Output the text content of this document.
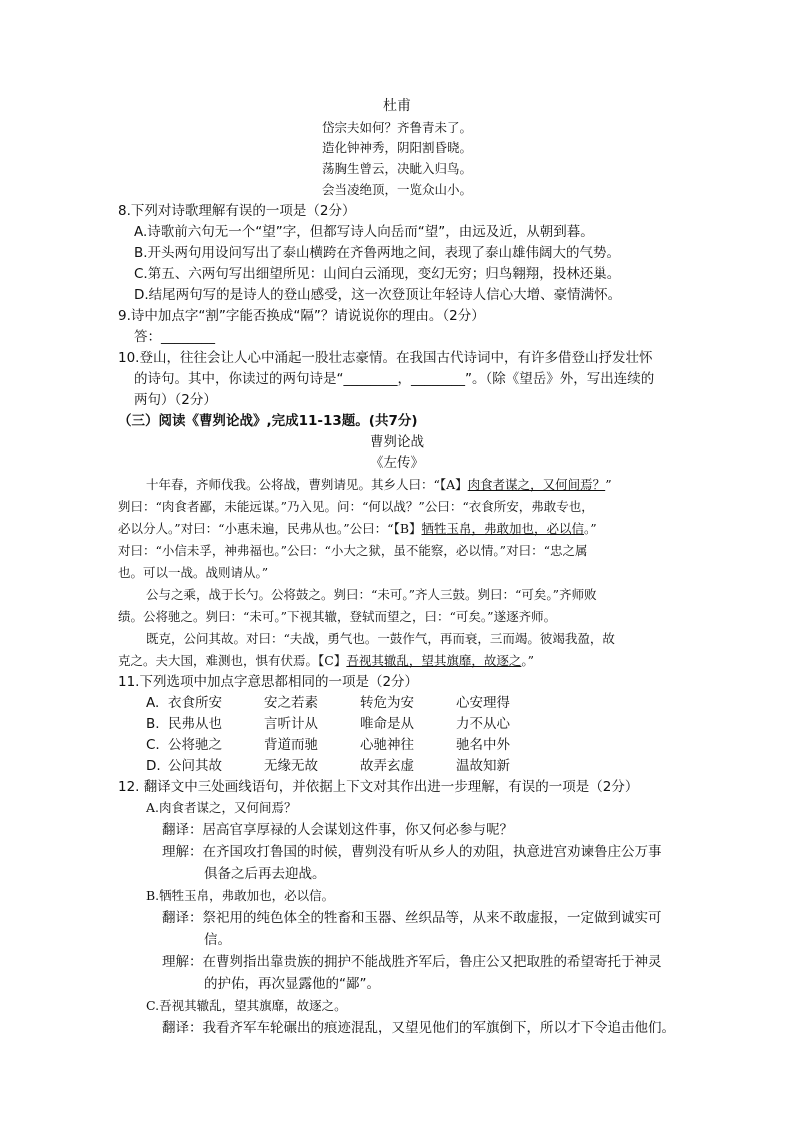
杜甫
岱宗夫如何？齐鲁青未了。
造化钟神秀，阴阳割昏晓。
荡胸生曾云，决眦入归鸟。
会当凌绝顶，一览众山小。
8.下列对诗歌理解有误的一项是（2分）
A.诗歌前六句无一个“望”字，但都写诗人向岳而“望”，由远及近，从朝到暮。
B.开头两句用设问写出了泰山横跨在齐鲁两地之间，表现了泰山雄伟阔大的气势。
C.第五、六两句写出细望所见：山间白云涌现，变幻无穷；归鸟翱翔，投林还巢。
D.结尾两句写的是诗人的登山感受，这一次登顶让年轻诗人信心大增、豪情满怀。
9.诗中加点字“割”字能否换成“隔”？请说说你的理由。（2分）
答：________
10.登山，往往会让人心中涌起一股壮志豪情。在我国古代诗词中，有许多借登山抒发壮怀
的诗句。其中，你读过的两句诗是“________，________”。（除《望岳》外，写出连续的
两句）（2分）
（三）阅读《曹刿论战》,完成11-13题。(共7分)
曹刿论战
《左传》
十年春，齐师伐我。公将战，曹刿请见。其乡人曰：“【A】肉食者谋之，又何间焉？”
刿曰：“肉食者鄙，未能远谋。”乃入见。问：“何以战？”公曰：“衣食所安，弗敢专也，
必以分人。”对曰：“小惠未遍，民弗从也。”公曰：“【B】牺牲玉帛，弗敢加也，必以信。”
对曰：“小信未孚，神弗福也。”公曰：“小大之狱，虽不能察，必以情。”对曰：“忠之属
也。可以一战。战则请从。”
公与之乘，战于长勺。公将鼓之。刿曰：“未可。”齐人三鼓。刿曰：“可矣。”齐师败
绩。公将驰之。刿曰：“未可。”下视其辙，登轼而望之，曰：“可矣。”遂逐齐师。
既克，公问其故。对曰：“夫战，勇气也。一鼓作气，再而衰，三而竭。彼竭我盈，故
克之。夫大国，难测也，惧有伏焉。【C】吾视其辙乱，望其旗靡，故逐之。”
11.下列选项中加点字意思都相同的一项是（2分）
A. 衣食所安	安之若素	转危为安	心安理得
B. 民弗从也	言听计从	唯命是从	力不从心
C. 公将驰之	背道而驰	心驰神往	驰名中外
D. 公问其故	无缘无故	故弄玄虚	温故知新
12. 翻译文中三处画线语句，并依据上下文对其作出进一步理解，有误的一项是（2分）
A.肉食者谋之，又何间焉？
翻译：居高官享厚禄的人会谋划这件事，你又何必参与呢？
理解：在齐国攻打鲁国的时候，曹刿没有听从乡人的劝阻，执意进宫劝谏鲁庄公万事
俱备之后再去迎战。
B.牺牲玉帛，弗敢加也，必以信。
翻译：祭祀用的纯色体全的牲畜和玉器、丝织品等，从来不敢虚报，一定做到诚实可
信。
理解：在曹刿指出靠贵族的拥护不能战胜齐军后，鲁庄公又把取胜的希望寄托于神灵
的护佑，再次显露他的“鄙”。
C.吾视其辙乱，望其旗靡，故逐之。
翻译：我看齐军车轮碾出的痕迹混乱，又望见他们的军旗倒下，所以才下令追击他们。
